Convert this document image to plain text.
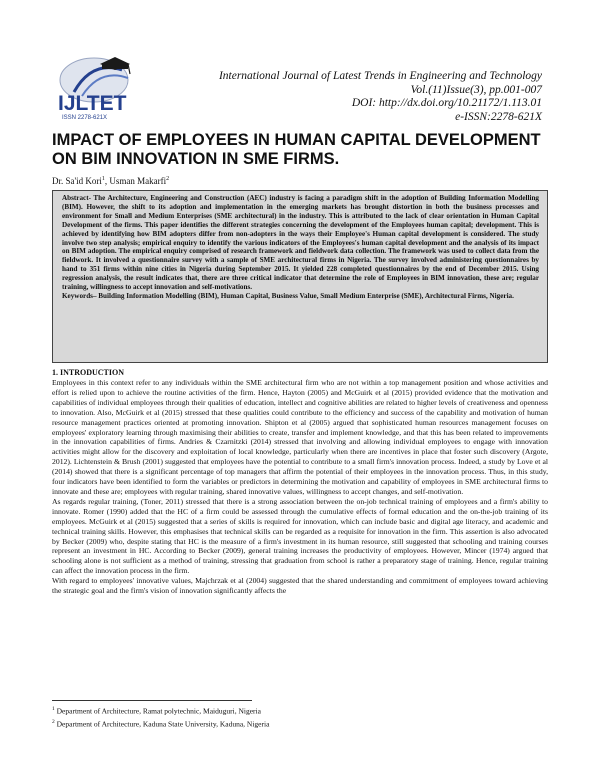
IJLTET
ISSN 2278-621X
International Journal of Latest Trends in Engineering and Technology
Vol.(11)Issue(3), pp.001-007
DOI: http://dx.doi.org/10.21172/1.113.01
e-ISSN:2278-621X
IMPACT OF EMPLOYEES IN HUMAN CAPITAL DEVELOPMENT
ON BIM INNOVATION IN SME FIRMS.
Dr. Sa'id Kori$^1$, Usman Makarfi$^2$

Abstract- The Architecture, Engineering and Construction (AEC) industry is facing a paradigm shift in the adoption of Building Information Modelling (BIM). However, the shift to its adoption and implementation in the emerging markets has brought distortion in both the business processes and environment for Small and Medium Enterprises (SME architectural) in the industry. This is attributed to the lack of clear orientation in Human Capital Development of the firms. This paper identifies the different strategies concerning the development of the Employees human capital; development. This is achieved by identifying how BIM adopters differ from non-adopters in the ways their Employee's Human capital development is considered. The study involve two step analysis; empirical enquiry to identify the various indicators of the Employees's human capital development and the analysis of its impact on BIM adoption. The empirical enquiry comprised of research framework and fieldwork data collection. The framework was used to collect data from the fieldwork. It involved a questionnaire survey with a sample of SME architectural firms in Nigeria. The survey involved administering questionnaires by hand to 351 firms within nine cities in Nigeria during September 2015. It yielded 228 completed questionnaires by the end of December 2015. Using regression analysis, the result indicates that, there are three critical indicator that determine the role of Employees in BIM innovation, these are; regular training, willingness to accept innovation and self-motivations.

Keywords– Building Information Modelling (BIM), Human Capital, Business Value, Small Medium Enterprise (SME), Architectural Firms, Nigeria.

1. INTRODUCTION

Employees in this context refer to any individuals within the SME architectural firm who are not within a top management position and whose activities and effort is relied upon to achieve the routine activities of the firm. Hence, Hayton (2005) and McGuirk et al (2015) provided evidence that the motivation and capabilities of individual employees through their qualities of education, intellect and cognitive abilities are related to higher levels of creativeness and openness to innovation. Also, McGuirk et al (2015) stressed that these qualities could contribute to the efficiency and success of the capability and motivation of human resource management practices oriented at promoting innovation. Shipton et al (2005) argued that sophisticated human resources management focuses on employees' exploratory learning through maximising their abilities to create, transfer and implement knowledge, and that this has been related to improvements in the innovation capabilities of firms. Andries & Czarnitzki (2014) stressed that involving and allowing individual employees to engage with innovation activities might allow for the discovery and exploitation of local knowledge, particularly when there are incentives in place that foster such discovery (Argote, 2012). Lichtenstein & Brush (2001) suggested that employees have the potential to contribute to a small firm's innovation process. Indeed, a study by Love et al (2014) showed that there is a significant percentage of top managers that affirm the potential of their employees in the innovation process. Thus, in this study, four indicators have been identified to form the variables or predictors in determining the motivation and capability of employees in SME architectural firms to innovate and these are; employees with regular training, shared innovative values, willingness to accept changes, and self-motivation.

As regards regular training, (Toner, 2011) stressed that there is a strong association between the on-job technical training of employees and a firm's ability to innovate. Romer (1990) added that the HC of a firm could be assessed through the cumulative effects of formal education and the on-the-job training of its employees. McGuirk et al (2015) suggested that a series of skills is required for innovation, which can include basic and digital age literacy, and academic and technical training skills. However, this emphasises that technical skills can be regarded as a requisite for innovation in the firm. This assertion is also advocated by Becker (2009) who, despite stating that HC is the measure of a firm's investment in its human resource, still suggested that schooling and training courses represent an investment in HC. According to Becker (2009), general training increases the productivity of employees. However, Mincer (1974) argued that schooling alone is not sufficient as a method of training, stressing that graduation from school is rather a preparatory stage of training. Hence, regular training can affect the innovation process in the firm.

With regard to employees' innovative values, Majchrzak et al (2004) suggested that the shared understanding and commitment of employees toward achieving the strategic goal and the firm's vision of innovation significantly affects the

$^1$ Department of Architecture, Ramat polytechnic, Maiduguri, Nigeria
$^2$ Department of Architecture, Kaduna State University, Kaduna, Nigeria
